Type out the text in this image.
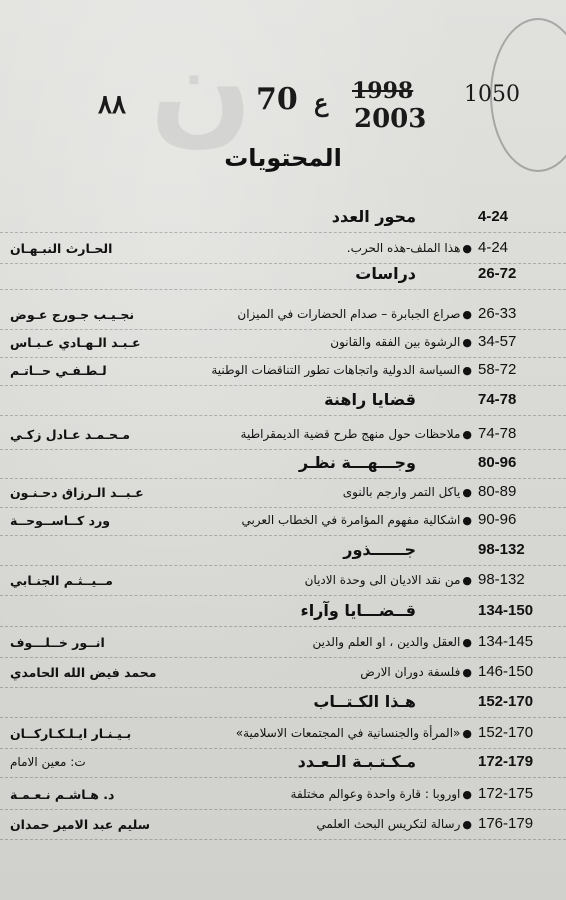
ن
٨٨	70 ع 1998
2003
1050
المحتويات
4-24
محور العدد
4-24
●هذا الملف-هذه الحرب.
الحـارث النبـهـان
26-72
دراسات
26-33
●صراع الجبابرة – صدام الحضارات في الميزان
نجـيـب جـورج عـوض
34-57
●الرشوة بين الفقه والقانون
عـبـد الـهـادي عـبـاس
58-72
●السياسة الدولية واتجاهات تطور التناقضات الوطنية
لـطـفـي حــاتـم
74-78
قضايا راهنة
74-78
●ملاحظات حول منهج طرح قضية الديمقراطية
مـحـمـد عـادل زكـي
80-96
وجـــهـــة نظـر
80-89
●ياكل التمر وارجم بالنوى
عـبــد الـرزاق دحـنـون
90-96
●اشكالية مفهوم المؤامرة في الخطاب العربي
ورد كــاســوحــة
98-132
جــــــذور
98-132
●من نقد الاديان الى وحدة الاديان
مــيــثـم الجنـابي
134-150
قــضـــايا وآراء
134-145
●العقل والدين ، او العلم والدين
انــور خــلـــوف
146-150
●فلسفة دوران الارض
محمد فيض الله الحامدي
152-170
هـذا الكـتــاب
152-170
●«المرأة والجنسانية في المجتمعات الاسلامية»
بـيـنـار ايـلـكـاركــان
172-179
مـكـتـبـة الـعـدد
ت: معين الامام
172-175
●اوروبا : قارة واحدة وعوالم مختلفة
د. هـاشـم نـعـمـة
176-179
●رسالة لتكريس البحث العلمي
سليم عبد الامير حمدان
